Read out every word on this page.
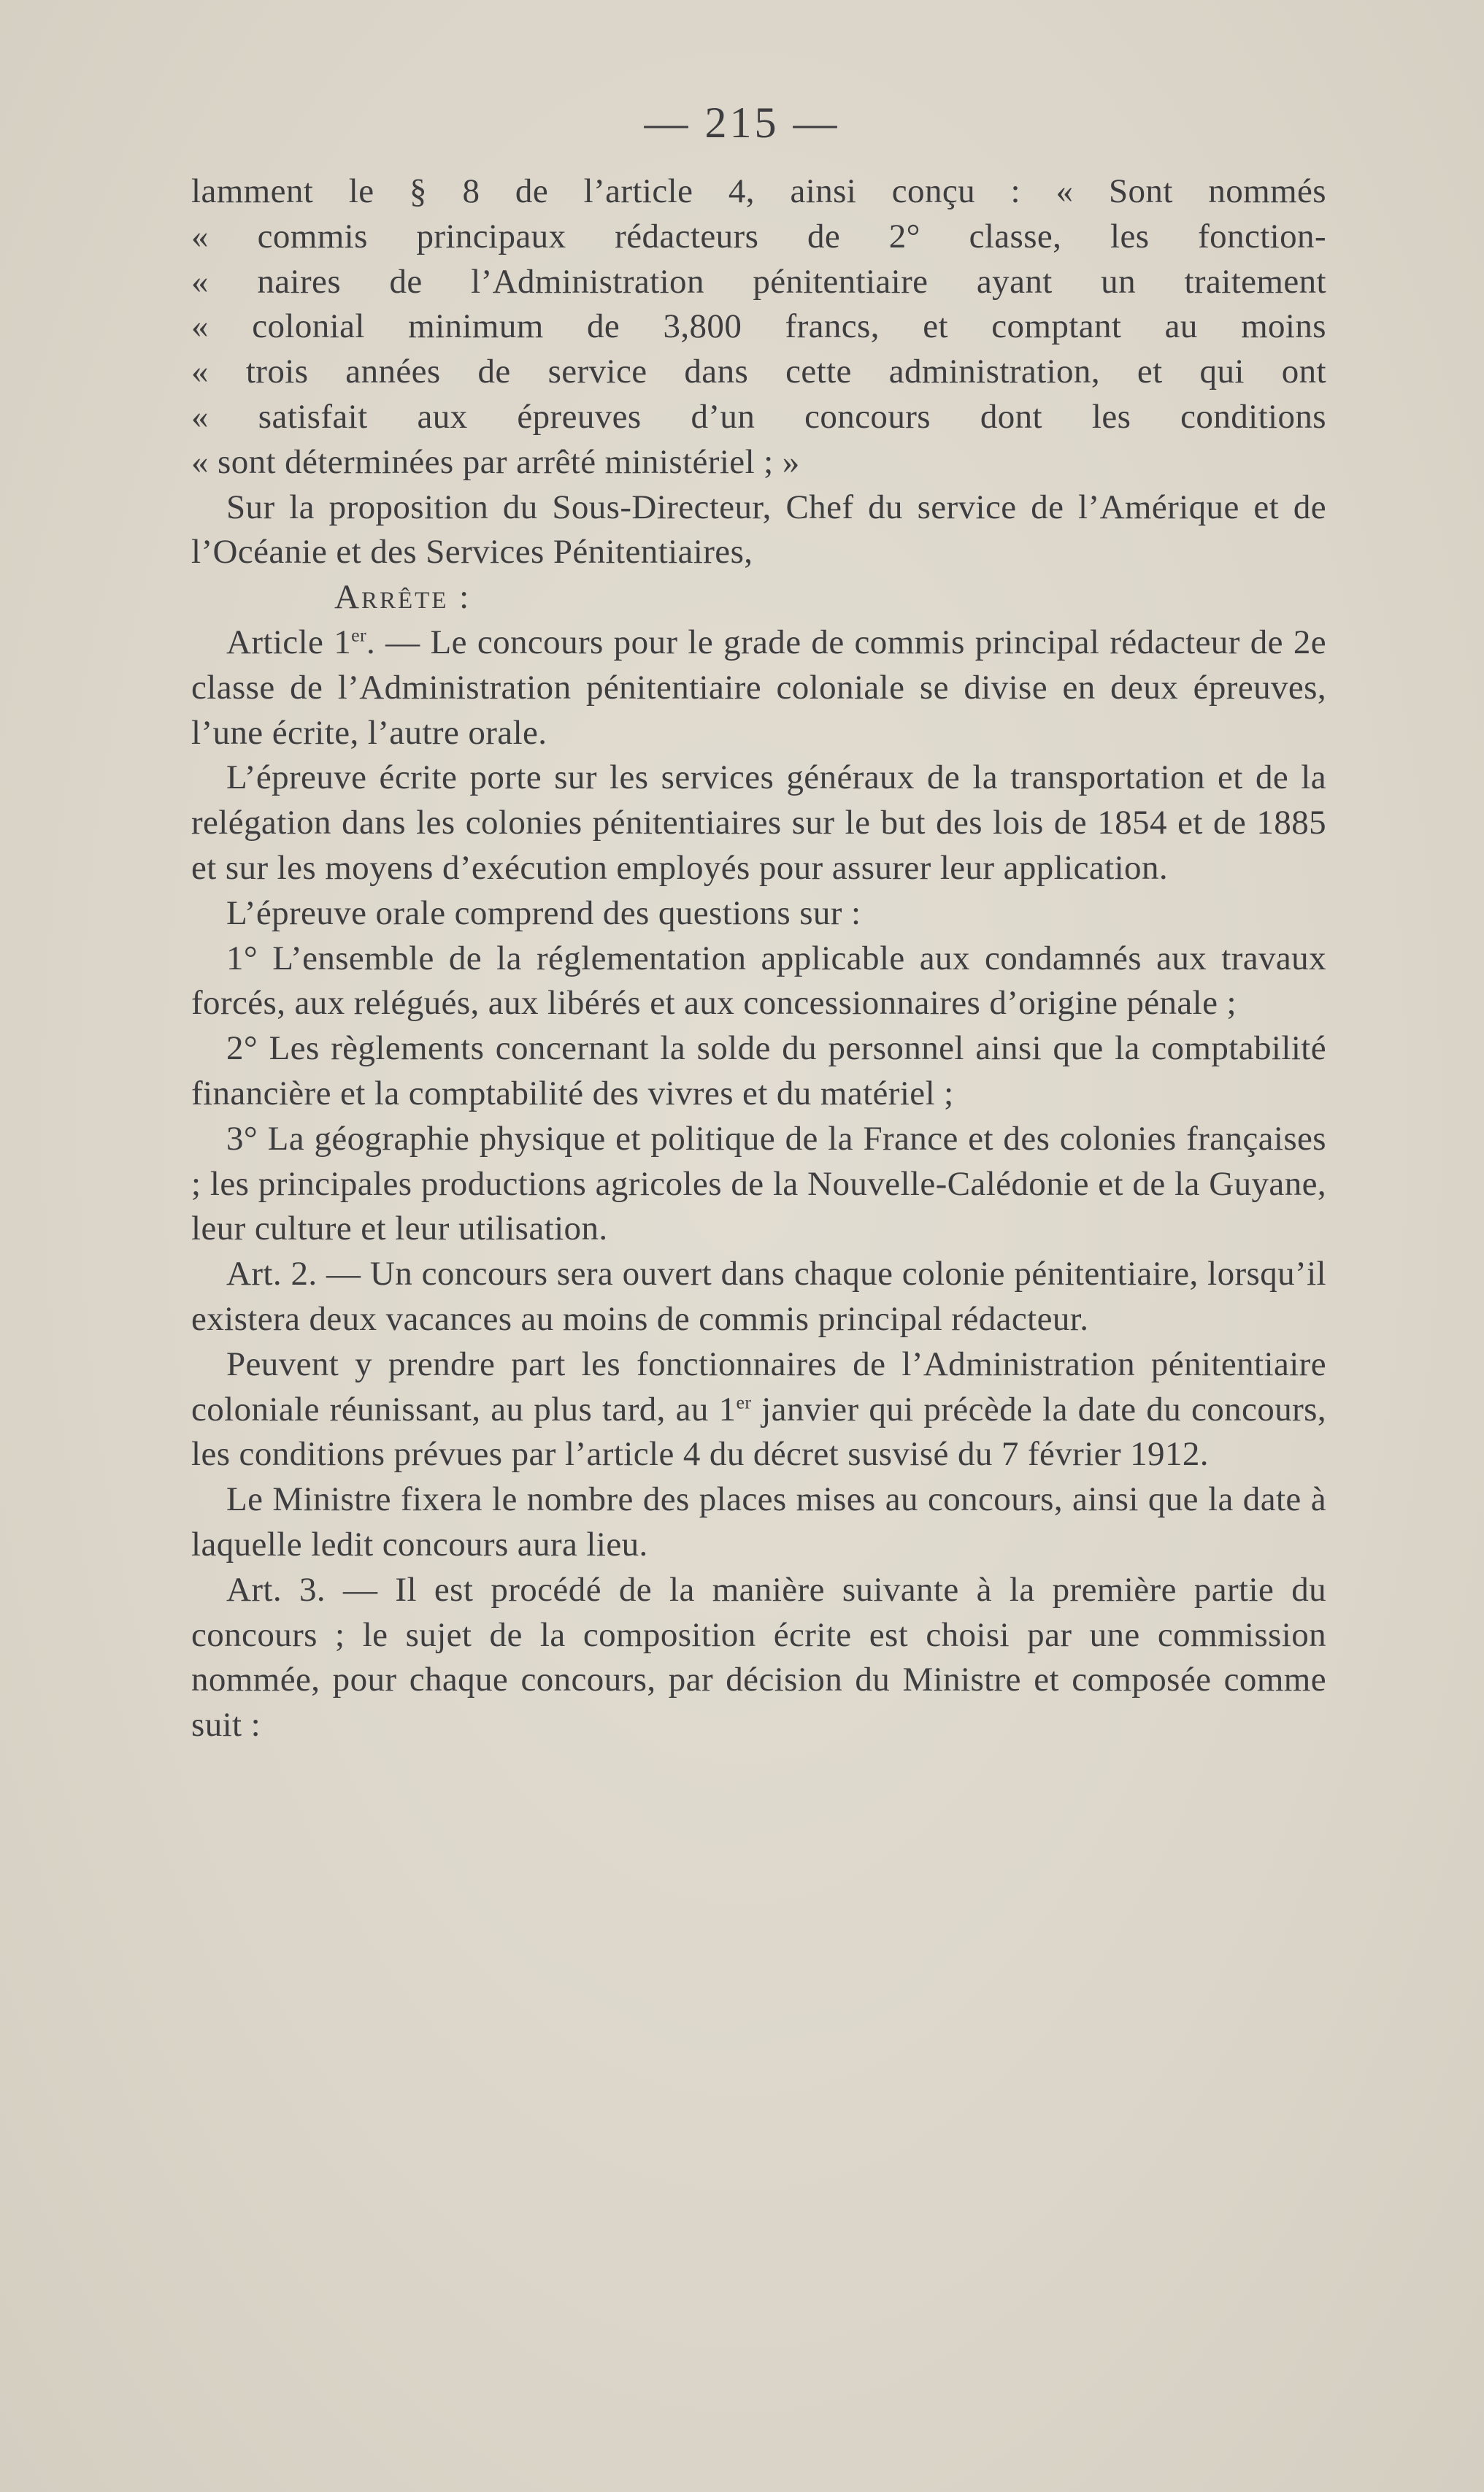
— 215 —

lamment le § 8 de l’article 4, ainsi conçu : « Sont nommés
« commis principaux rédacteurs de 2° classe, les fonction-
« naires de l’Administration pénitentiaire ayant un traitement
« colonial minimum de 3,800 francs, et comptant au moins
« trois années de service dans cette administration, et qui ont
« satisfait aux épreuves d’un concours dont les conditions
« sont déterminées par arrêté ministériel ; »

Sur la proposition du Sous-Directeur, Chef du service de l’Amérique et de l’Océanie et des Services Pénitentiaires,

Arrête :

Article 1er. — Le concours pour le grade de commis principal rédacteur de 2e classe de l’Administration pénitentiaire coloniale se divise en deux épreuves, l’une écrite, l’autre orale.

L’épreuve écrite porte sur les services généraux de la transportation et de la relégation dans les colonies pénitentiaires sur le but des lois de 1854 et de 1885 et sur les moyens d’exécution employés pour assurer leur application.

L’épreuve orale comprend des questions sur :

1° L’ensemble de la réglementation applicable aux condamnés aux travaux forcés, aux relégués, aux libérés et aux concessionnaires d’origine pénale ;

2° Les règlements concernant la solde du personnel ainsi que la comptabilité financière et la comptabilité des vivres et du matériel ;

3° La géographie physique et politique de la France et des colonies françaises ; les principales productions agricoles de la Nouvelle-Calédonie et de la Guyane, leur culture et leur utilisation.

Art. 2. — Un concours sera ouvert dans chaque colonie pénitentiaire, lorsqu’il existera deux vacances au moins de commis principal rédacteur.

Peuvent y prendre part les fonctionnaires de l’Administration pénitentiaire coloniale réunissant, au plus tard, au 1er janvier qui précède la date du concours, les conditions prévues par l’article 4 du décret susvisé du 7 février 1912.

Le Ministre fixera le nombre des places mises au concours, ainsi que la date à laquelle ledit concours aura lieu.

Art. 3. — Il est procédé de la manière suivante à la première partie du concours ; le sujet de la composition écrite est choisi par une commission nommée, pour chaque concours, par décision du Ministre et composée comme suit :
